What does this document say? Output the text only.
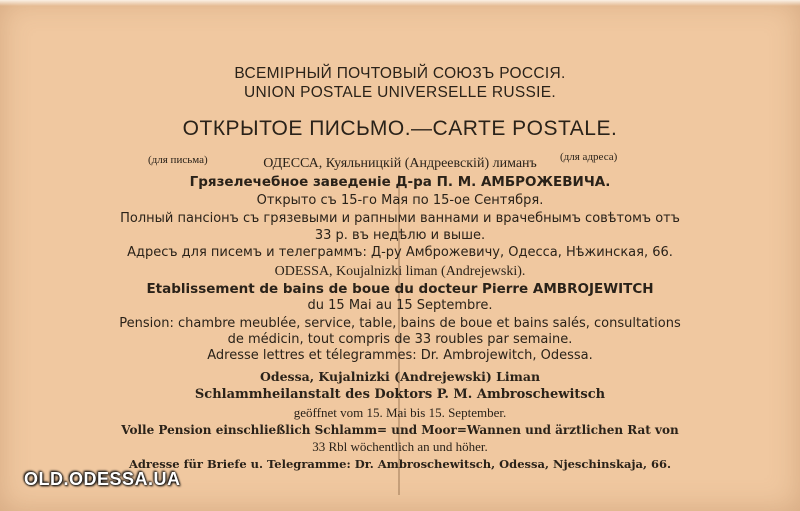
ВСЕМIРНЫЙ ПОЧТОВЫЙ СОЮЗЪ РОССIЯ.
UNION POSTALE UNIVERSELLE RUSSIE.
ОТКРЫТОЕ ПИСЬМО.—CARTE POSTALE.
(для письма)	(для адреса)
ОДЕССА, Куяльницкiй (Андреевскiй) лиманъ
Грязелечебное заведенiе Д-ра П. М. АМБРОЖЕВИЧА.
Открыто съ 15-го Мая по 15-ое Сентября.
Полный пансiонъ съ грязевыми и рапными ваннами и врачебнымъ совѣтомъ отъ
33 р. въ недѣлю и выше.
Адресъ для писемъ и телеграммъ: Д-ру Амброжевичу, Одесса, Нѣжинская, 66.
ODESSA, Koujalnizki liman (Andrejewski).
Etablissement de bains de boue du docteur Pierre AMBROJEWITCH
du 15 Mai au 15 Septembre.
Pension: chambre meublée, service, table, bains de boue et bains salés, consultations
de médicin, tout compris de 33 roubles par semaine.
Adresse lettres et télegrammes: Dr. Ambrojewitch, Odessa.
Odessa, Kujalnizki (Andrejewski) Liman
Schlammheilanstalt des Doktors P. M. Ambroschewitsch
geöffnet vom 15. Mai bis 15. September.
Volle Pension einschließlich Schlamm= und Moor=Wannen und ärztlichen Rat von
33 Rbl wöchentlich an und höher.
Adresse für Briefe u. Telegramme: Dr. Ambroschewitsch, Odessa, Njeschinskaja, 66.
OLD.ODESSA.UA
